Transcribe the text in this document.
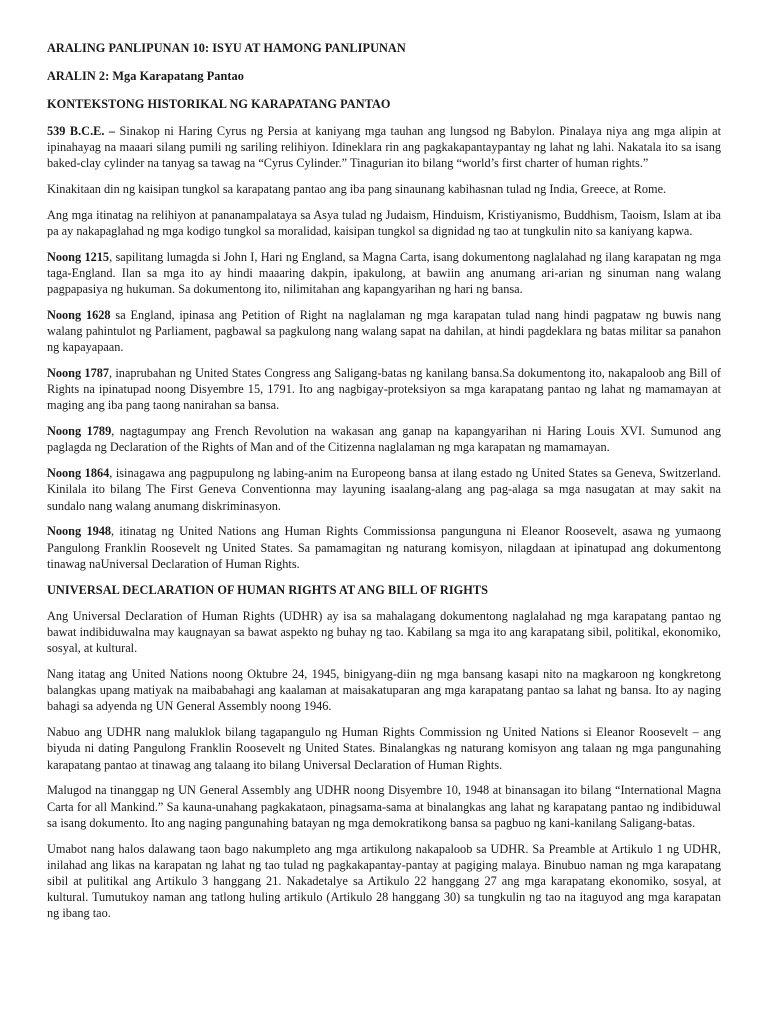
ARALING PANLIPUNAN 10: ISYU AT HAMONG PANLIPUNAN
ARALIN 2: Mga Karapatang Pantao
KONTEKSTONG HISTORIKAL NG KARAPATANG PANTAO

539 B.C.E. – Sinakop ni Haring Cyrus ng Persia at kaniyang mga tauhan ang lungsod ng Babylon. Pinalaya niya ang mga alipin at ipinahayag na maaari silang pumili ng sariling relihiyon. Idineklara rin ang pagkakapantaypantay ng lahat ng lahi. Nakatala ito sa isang baked-clay cylinder na tanyag sa tawag na “Cyrus Cylinder.” Tinagurian ito bilang “world’s first charter of human rights.”

Kinakitaan din ng kaisipan tungkol sa karapatang pantao ang iba pang sinaunang kabihasnan tulad ng India, Greece, at Rome.

Ang mga itinatag na relihiyon at pananampalataya sa Asya tulad ng Judaism, Hinduism, Kristiyanismo, Buddhism, Taoism, Islam at iba pa ay nakapaglahad ng mga kodigo tungkol sa moralidad, kaisipan tungkol sa dignidad ng tao at tungkulin nito sa kaniyang kapwa.

Noong 1215, sapilitang lumagda si John I, Hari ng England, sa Magna Carta, isang dokumentong naglalahad ng ilang karapatan ng mga taga-England. Ilan sa mga ito ay hindi maaaring dakpin, ipakulong, at bawiin ang anumang ari-arian ng sinuman nang walang pagpapasiya ng hukuman. Sa dokumentong ito, nilimitahan ang kapangyarihan ng hari ng bansa.

Noong 1628 sa England, ipinasa ang Petition of Right na naglalaman ng mga karapatan tulad nang hindi pagpataw ng buwis nang walang pahintulot ng Parliament, pagbawal sa pagkulong nang walang sapat na dahilan, at hindi pagdeklara ng batas militar sa panahon ng kapayapaan.

Noong 1787, inaprubahan ng United States Congress ang Saligang-batas ng kanilang bansa.Sa dokumentong ito, nakapaloob ang Bill of Rights na ipinatupad noong Disyembre 15, 1791. Ito ang nagbigay-proteksiyon sa mga karapatang pantao ng lahat ng mamamayan at maging ang iba pang taong nanirahan sa bansa.

Noong 1789, nagtagumpay ang French Revolution na wakasan ang ganap na kapangyarihan ni Haring Louis XVI. Sumunod ang paglagda ng Declaration of the Rights of Man and of the Citizenna naglalaman ng mga karapatan ng mamamayan.

Noong 1864, isinagawa ang pagpupulong ng labing-anim na Europeong bansa at ilang estado ng United States sa Geneva, Switzerland. Kinilala ito bilang The First Geneva Conventionna may layuning isaalang-alang ang pag-alaga sa mga nasugatan at may sakit na sundalo nang walang anumang diskriminasyon.

Noong 1948, itinatag ng United Nations ang Human Rights Commissionsa pangunguna ni Eleanor Roosevelt, asawa ng yumaong Pangulong Franklin Roosevelt ng United States. Sa pamamagitan ng naturang komisyon, nilagdaan at ipinatupad ang dokumentong tinawag naUniversal Declaration of Human Rights.

UNIVERSAL DECLARATION OF HUMAN RIGHTS AT ANG BILL OF RIGHTS

Ang Universal Declaration of Human Rights (UDHR) ay isa sa mahalagang dokumentong naglalahad ng mga karapatang pantao ng bawat indibiduwalna may kaugnayan sa bawat aspekto ng buhay ng tao. Kabilang sa mga ito ang karapatang sibil, politikal, ekonomiko, sosyal, at kultural.

Nang itatag ang United Nations noong Oktubre 24, 1945, binigyang-diin ng mga bansang kasapi nito na magkaroon ng kongkretong balangkas upang matiyak na maibabahagi ang kaalaman at maisakatuparan ang mga karapatang pantao sa lahat ng bansa. Ito ay naging bahagi sa adyenda ng UN General Assembly noong 1946.

Nabuo ang UDHR nang maluklok bilang tagapangulo ng Human Rights Commission ng United Nations si Eleanor Roosevelt – ang biyuda ni dating Pangulong Franklin Roosevelt ng United States. Binalangkas ng naturang komisyon ang talaan ng mga pangunahing karapatang pantao at tinawag ang talaang ito bilang Universal Declaration of Human Rights.

Malugod na tinanggap ng UN General Assembly ang UDHR noong Disyembre 10, 1948 at binansagan ito bilang “International Magna Carta for all Mankind.” Sa kauna-unahang pagkakataon, pinagsama-sama at binalangkas ang lahat ng karapatang pantao ng indibiduwal sa isang dokumento. Ito ang naging pangunahing batayan ng mga demokratikong bansa sa pagbuo ng kani-kanilang Saligang-batas.

Umabot nang halos dalawang taon bago nakumpleto ang mga artikulong nakapaloob sa UDHR. Sa Preamble at Artikulo 1 ng UDHR, inilahad ang likas na karapatan ng lahat ng tao tulad ng pagkakapantay-pantay at pagiging malaya. Binubuo naman ng mga karapatang sibil at pulitikal ang Artikulo 3 hanggang 21. Nakadetalye sa Artikulo 22 hanggang 27 ang mga karapatang ekonomiko, sosyal, at kultural. Tumutukoy naman ang tatlong huling artikulo (Artikulo 28 hanggang 30) sa tungkulin ng tao na itaguyod ang mga karapatan ng ibang tao.
